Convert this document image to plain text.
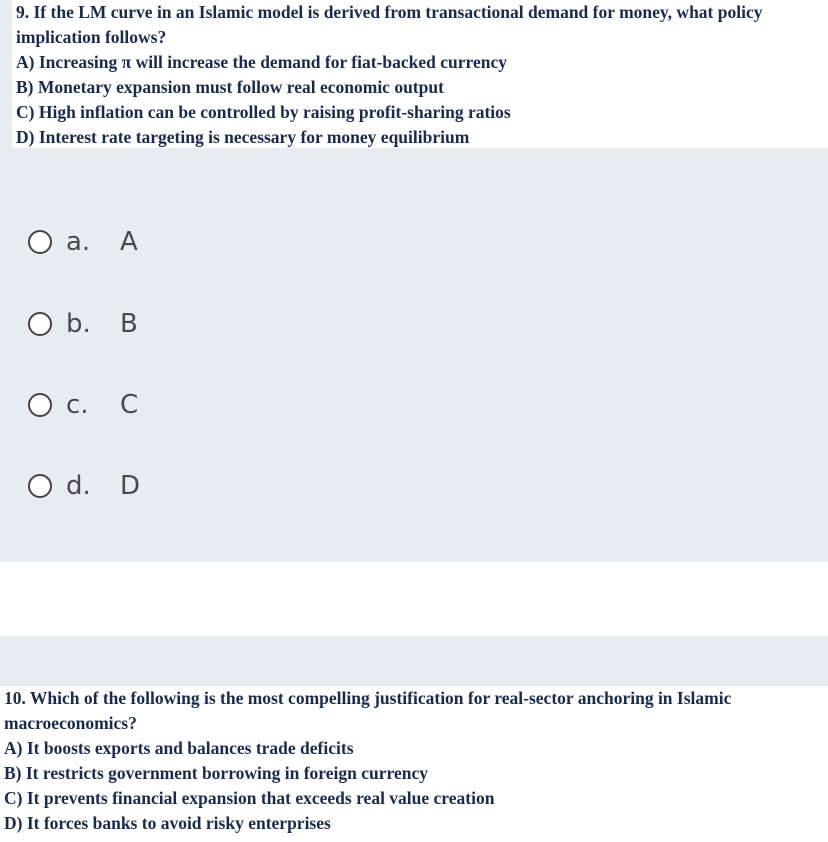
9. If the LM curve in an Islamic model is derived from transactional demand for money, what policy implication follows?
A) Increasing π will increase the demand for fiat-backed currency
B) Monetary expansion must follow real economic output
C) High inflation can be controlled by raising profit-sharing ratios
D) Interest rate targeting is necessary for money equilibrium
a.	A
b.	B
c.	C
d.	D
10. Which of the following is the most compelling justification for real-sector anchoring in Islamic macroeconomics?
A) It boosts exports and balances trade deficits
B) It restricts government borrowing in foreign currency
C) It prevents financial expansion that exceeds real value creation
D) It forces banks to avoid risky enterprises
